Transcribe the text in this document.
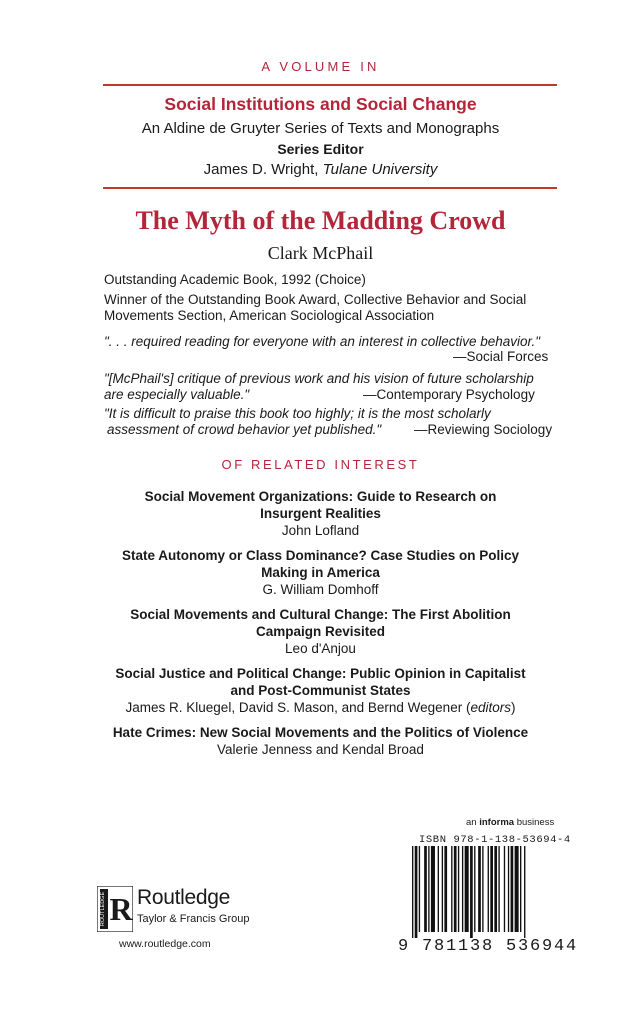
A VOLUME IN
Social Institutions and Social Change
An Aldine de Gruyter Series of Texts and Monographs
Series Editor
James D. Wright, Tulane University
The Myth of the Madding Crowd
Clark McPhail
Outstanding Academic Book, 1992 (Choice)
Winner of the Outstanding Book Award, Collective Behavior and Social
Movements Section, American Sociological Association
". . . required reading for everyone with an interest in collective behavior."
—Social Forces
"[McPhail's] critique of previous work and his vision of future scholarship
are especially valuable."	—Contemporary Psychology
"It is difficult to praise this book too highly; it is the most scholarly
assessment of crowd behavior yet published." —Reviewing Sociology
OF RELATED INTEREST
Social Movement Organizations: Guide to Research on
Insurgent Realities
John Lofland
State Autonomy or Class Dominance? Case Studies on Policy
Making in America
G. William Domhoff
Social Movements and Cultural Change: The First Abolition
Campaign Revisited
Leo d'Anjou
Social Justice and Political Change: Public Opinion in Capitalist
and Post-Communist States
James R. Kluegel, David S. Mason, and Bernd Wegener (editors)
Hate Crimes: New Social Movements and the Politics of Violence
Valerie Jenness and Kendal Broad
ROUTLEDGE R Routledge
Taylor & Francis Group
www.routledge.com
an informa business
ISBN 978-1-138-53694-4
9 781138 536944
